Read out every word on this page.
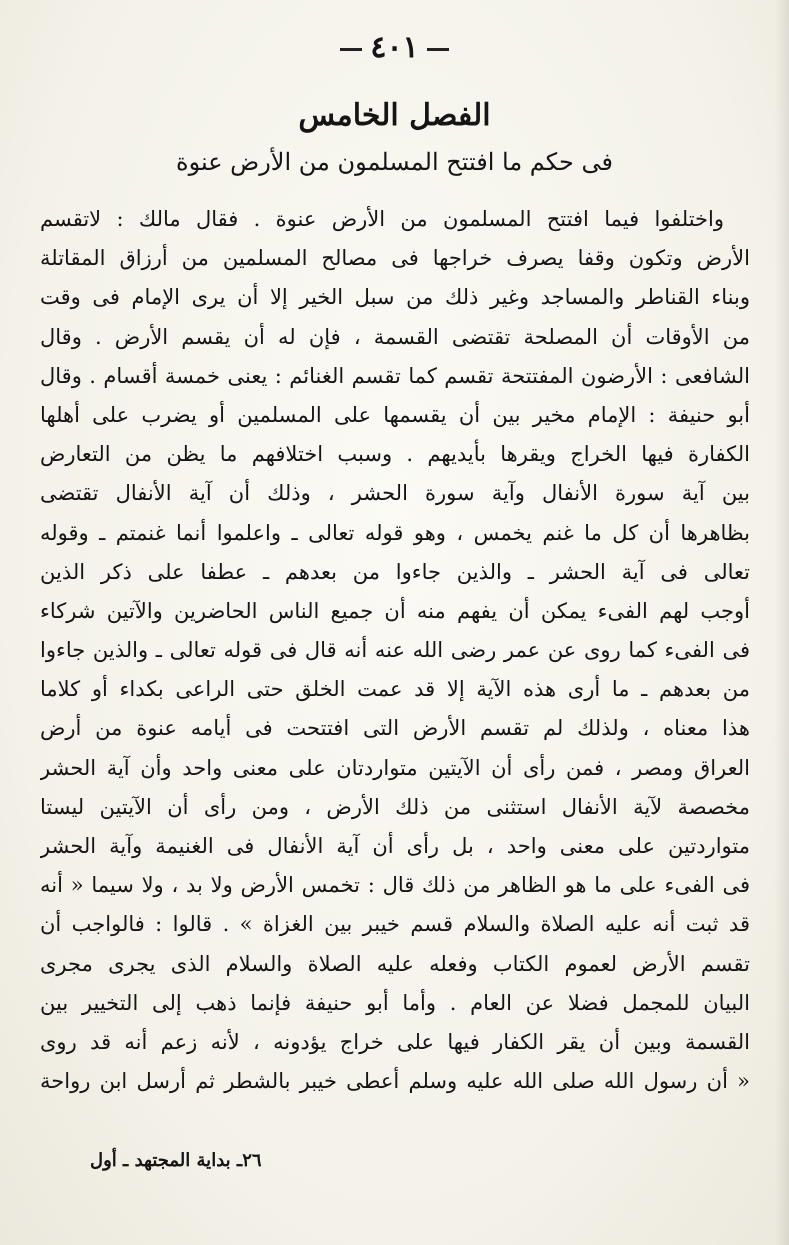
٤٠١
الفصل الخامس
فى حكم ما افتتح المسلمون من الأرض عنوة
واختلفوا فيما افتتح المسلمون من الأرض عنوة . فقال مالك : لاتقسم
الأرض وتكون وقفا يصرف خراجها فى مصالح المسلمين من أرزاق المقاتلة
وبناء القناطر والمساجد وغير ذلك من سبل الخير إلا أن يرى الإمام فى وقت
من الأوقات أن المصلحة تقتضى القسمة ، فإن له أن يقسم الأرض . وقال
الشافعى : الأرضون المفتتحة تقسم كما تقسم الغنائم : يعنى خمسة أقسام . وقال
أبو حنيفة : الإمام مخير بين أن يقسمها على المسلمين أو يضرب على أهلها
الكفارة فيها الخراج ويقرها بأيديهم . وسبب اختلافهم ما يظن من التعارض
بين آية سورة الأنفال وآية سورة الحشر ، وذلك أن آية الأنفال تقتضى
بظاهرها أن كل ما غنم يخمس ، وهو قوله تعالى ـ واعلموا أنما غنمتم ـ وقوله
تعالى فى آية الحشر ـ والذين جاءوا من بعدهم ـ عطفا على ذكر الذين
أوجب لهم الفىء يمكن أن يفهم منه أن جميع الناس الحاضرين والآتين شركاء
فى الفىء كما روى عن عمر رضى الله عنه أنه قال فى قوله تعالى ـ والذين جاءوا
من بعدهم ـ ما أرى هذه الآية إلا قد عمت الخلق حتى الراعى بكداء أو كلاما
هذا معناه ، ولذلك لم تقسم الأرض التى افتتحت فى أيامه عنوة من أرض
العراق ومصر ، فمن رأى أن الآيتين متواردتان على معنى واحد وأن آية الحشر
مخصصة لآية الأنفال استثنى من ذلك الأرض ، ومن رأى أن الآيتين ليستا
متواردتين على معنى واحد ، بل رأى أن آية الأنفال فى الغنيمة وآية الحشر
فى الفىء على ما هو الظاهر من ذلك قال : تخمس الأرض ولا بد ، ولا سيما « أنه
قد ثبت أنه عليه الصلاة والسلام قسم خيبر بين الغزاة » . قالوا : فالواجب أن
تقسم الأرض لعموم الكتاب وفعله عليه الصلاة والسلام الذى يجرى مجرى
البيان للمجمل فضلا عن العام . وأما أبو حنيفة فإنما ذهب إلى التخيير بين
القسمة وبين أن يقر الكفار فيها على خراج يؤدونه ، لأنه زعم أنه قد روى
« أن رسول الله صلى الله عليه وسلم أعطى خيبر بالشطر ثم أرسل ابن رواحة
٢٦ـ بداية المجتهد ـ أول
